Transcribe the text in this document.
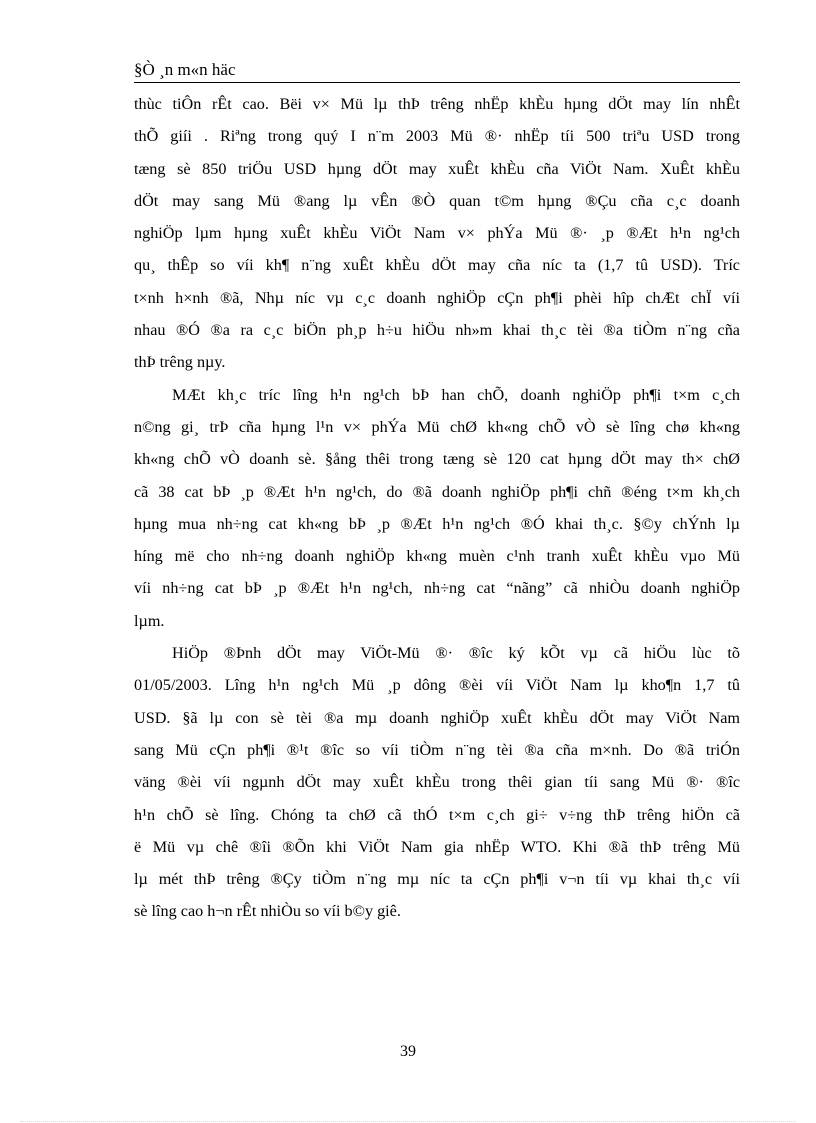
§Ò ¸n m«n häc
thùc tiÔn rÊt cao. Bëi v× Mü lµ thÞ trêng nhËp khÈu hµng dÖt may lín nhÊt
thÕ giíi . Riªng trong quý I n¨m 2003 Mü ®· nhËp tíi 500 triªu USD trong
tæng sè 850 triÖu USD hµng dÖt may xuÊt khÈu cña ViÖt Nam. XuÊt khÈu
dÖt may sang Mü ®ang lµ vÊn ®Ò quan t©m hµng ®Çu cña c¸c doanh
nghiÖp lµm hµng xuÊt khÈu ViÖt Nam v× phÝa Mü ®· ¸p ®Æt h¹n ng¹ch
qu¸ thÊp so víi kh¶ n¨ng xuÊt khÈu dÖt may cña níc ta (1,7 tû USD). Tríc
t×nh h×nh ®ã, Nhµ níc vµ c¸c doanh nghiÖp cÇn ph¶i phèi hîp chÆt chÏ víi
nhau ®Ó ®a ra c¸c biÖn ph¸p h÷u hiÖu nh»m khai th¸c tèi ®a tiÒm n¨ng cña
thÞ trêng nµy.
MÆt kh¸c tríc lîng h¹n ng¹ch bÞ han chÕ, doanh nghiÖp ph¶i t×m c¸ch
n©ng gi¸ trÞ cña hµng l¹n v× phÝa Mü chØ kh«ng chÕ vÒ sè lîng chø kh«ng
kh«ng chÕ vÒ doanh sè. §ång thêi trong tæng sè 120 cat hµng dÖt may th× chØ
cã 38 cat bÞ ¸p ®Æt h¹n ng¹ch, do ®ã doanh nghiÖp ph¶i chñ ®éng t×m kh¸ch
hµng mua nh÷ng cat kh«ng bÞ ¸p ®Æt h¹n ng¹ch ®Ó khai th¸c. §©y chÝnh lµ
híng më cho nh÷ng doanh nghiÖp kh«ng muèn c¹nh tranh xuÊt khÈu vµo Mü
víi nh÷ng cat bÞ ¸p ®Æt h¹n ng¹ch, nh÷ng cat “nãng” cã nhiÒu doanh nghiÖp
lµm.
HiÖp ®Þnh dÖt may ViÖt-Mü ®· ®îc ký kÕt vµ cã hiÖu lùc tõ
01/05/2003. Lîng h¹n ng¹ch Mü ¸p dông ®èi víi ViÖt Nam lµ kho¶n 1,7 tû
USD. §ã lµ con sè tèi ®a mµ doanh nghiÖp xuÊt khÈu dÖt may ViÖt Nam
sang Mü cÇn ph¶i ®¹t ®îc so víi tiÒm n¨ng tèi ®a cña m×nh. Do ®ã triÓn
väng ®èi víi ngµnh dÖt may xuÊt khÈu trong thêi gian tíi sang Mü ®· ®îc
h¹n chÕ sè lîng. Chóng ta chØ cã thÓ t×m c¸ch gi÷ v÷ng thÞ trêng hiÖn cã
ë Mü vµ chê ®îi ®Õn khi ViÖt Nam gia nhËp WTO. Khi ®ã thÞ trêng Mü
lµ mét thÞ trêng ®Çy tiÒm n¨ng mµ níc ta cÇn ph¶i v¬n tíi vµ khai th¸c víi
sè lîng cao h¬n rÊt nhiÒu so víi b©y giê.
39
